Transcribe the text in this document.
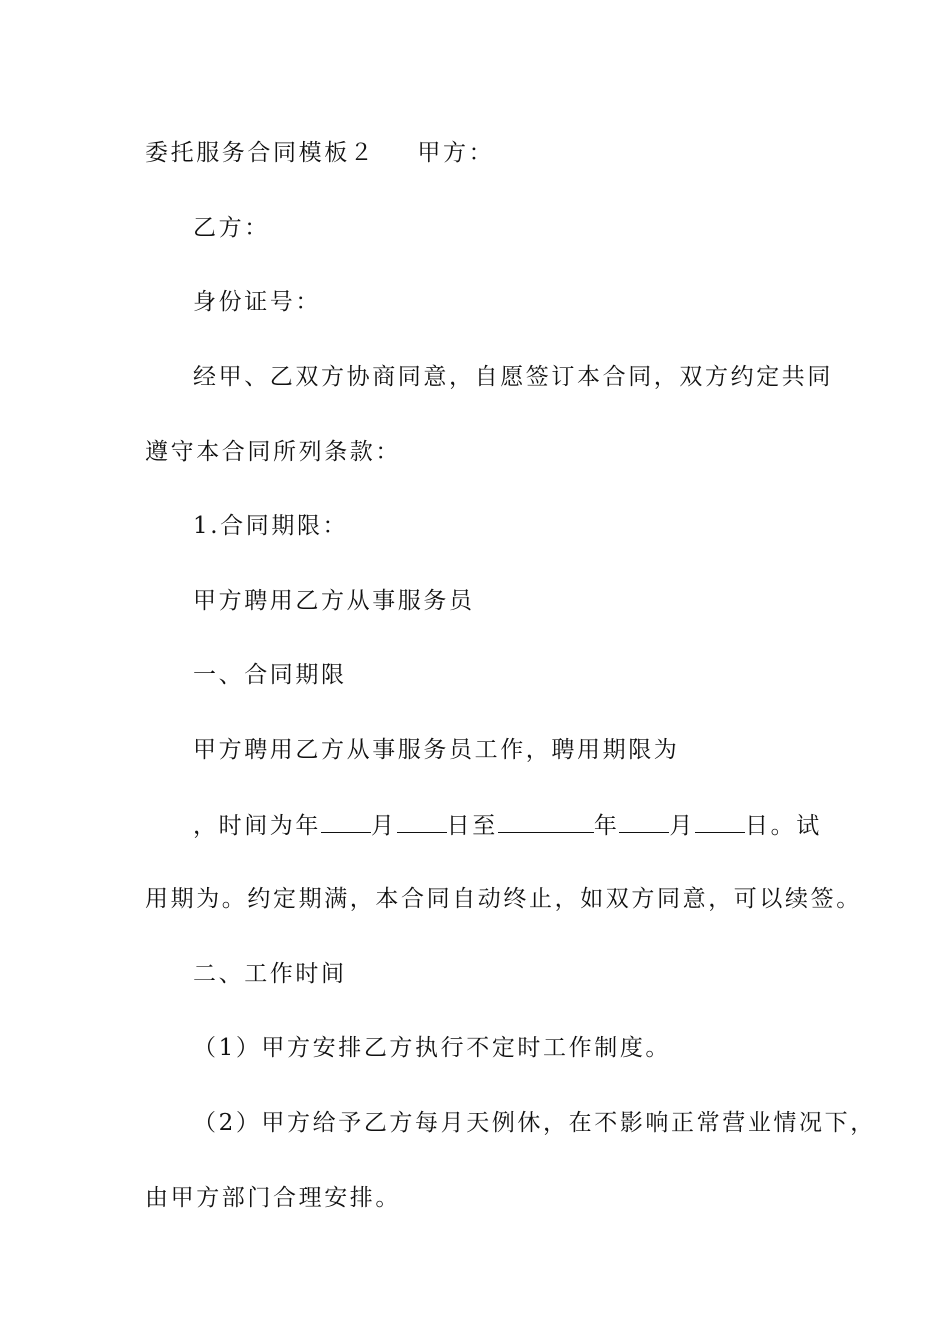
委托服务合同模板２ 甲方：
乙方：
身份证号：
经甲、乙双方协商同意，自愿签订本合同，双方约定共同
遵守本合同所列条款：
1.合同期限：
甲方聘用乙方从事服务员
一、合同期限
甲方聘用乙方从事服务员工作，聘用期限为
，时间为年 月 日至	年 月 日。试
用期为。约定期满，本合同自动终止，如双方同意，可以续签。
二、工作时间
（1）甲方安排乙方执行不定时工作制度。
（2）甲方给予乙方每月天例休，在不影响正常营业情况下，
由甲方部门合理安排。
